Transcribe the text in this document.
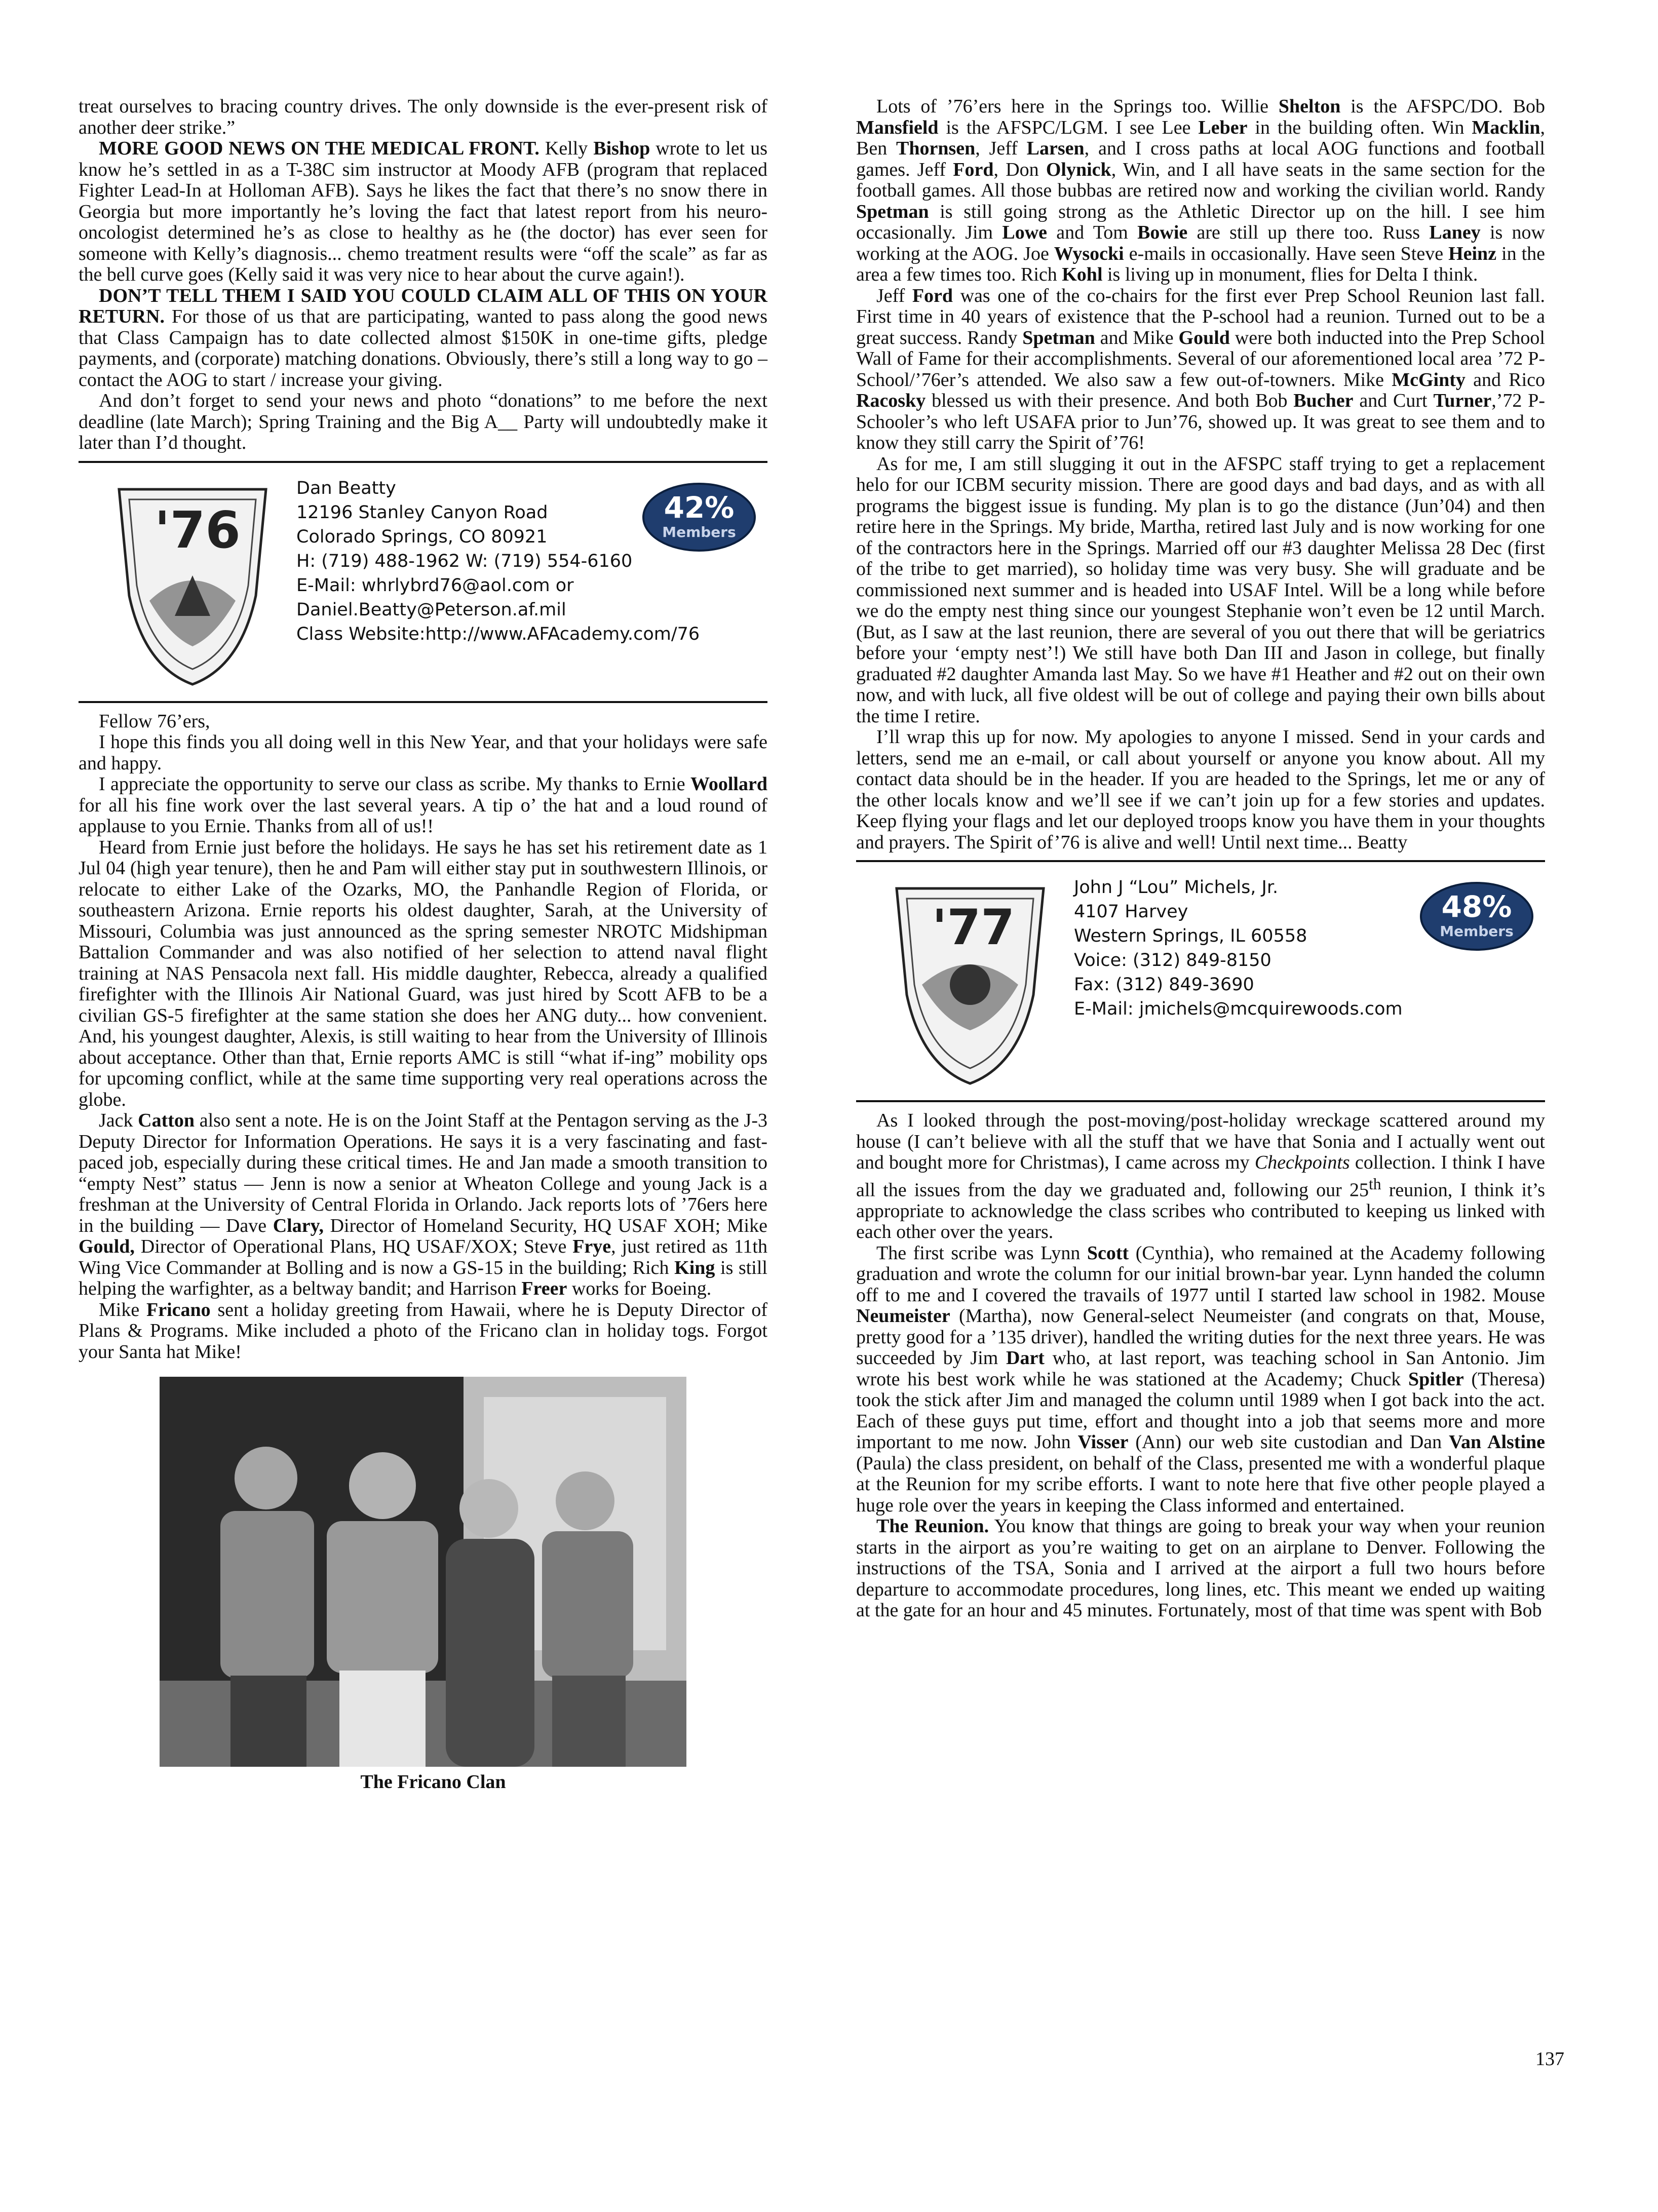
treat ourselves to bracing country drives. The only downside is the ever-present risk of another deer strike.”

MORE GOOD NEWS ON THE MEDICAL FRONT. Kelly Bishop wrote to let us know he’s settled in as a T-38C sim instructor at Moody AFB (program that replaced Fighter Lead-In at Holloman AFB). Says he likes the fact that there’s no snow there in Georgia but more importantly he’s loving the fact that latest report from his neuro-oncologist determined he’s as close to healthy as he (the doctor) has ever seen for someone with Kelly’s diagnosis... chemo treatment results were “off the scale” as far as the bell curve goes (Kelly said it was very nice to hear about the curve again!).

DON’T TELL THEM I SAID YOU COULD CLAIM ALL OF THIS ON YOUR RETURN. For those of us that are participating, wanted to pass along the good news that Class Campaign has to date collected almost $150K in one-time gifts, pledge payments, and (corporate) matching donations. Obviously, there’s still a long way to go – contact the AOG to start / increase your giving.

And don’t forget to send your news and photo “donations” to me before the next deadline (late March); Spring Training and the Big A__ Party will undoubtedly make it later than I’d thought.

'76
Dan Beatty
12196 Stanley Canyon Road
Colorado Springs, CO 80921
H: (719) 488-1962 W: (719) 554-6160
E-Mail: whrlybrd76@aol.com or
Daniel.Beatty@Peterson.af.mil
Class Website:http://www.AFAcademy.com/76
42%
Members

Fellow 76’ers,

I hope this finds you all doing well in this New Year, and that your holidays were safe and happy.

I appreciate the opportunity to serve our class as scribe. My thanks to Ernie Woollard for all his fine work over the last several years. A tip o’ the hat and a loud round of applause to you Ernie. Thanks from all of us!!

Heard from Ernie just before the holidays. He says he has set his retirement date as 1 Jul 04 (high year tenure), then he and Pam will either stay put in southwestern Illinois, or relocate to either Lake of the Ozarks, MO, the Panhandle Region of Florida, or southeastern Arizona. Ernie reports his oldest daughter, Sarah, at the University of Missouri, Columbia was just announced as the spring semester NROTC Midshipman Battalion Commander and was also notified of her selection to attend naval flight training at NAS Pensacola next fall. His middle daughter, Rebecca, already a qualified firefighter with the Illinois Air National Guard, was just hired by Scott AFB to be a civilian GS-5 firefighter at the same station she does her ANG duty... how convenient. And, his youngest daughter, Alexis, is still waiting to hear from the University of Illinois about acceptance. Other than that, Ernie reports AMC is still “what if-ing” mobility ops for upcoming conflict, while at the same time supporting very real operations across the globe.

Jack Catton also sent a note. He is on the Joint Staff at the Pentagon serving as the J-3 Deputy Director for Information Operations. He says it is a very fascinating and fast-paced job, especially during these critical times. He and Jan made a smooth transition to “empty Nest” status — Jenn is now a senior at Wheaton College and young Jack is a freshman at the University of Central Florida in Orlando. Jack reports lots of ’76ers here in the building — Dave Clary, Director of Homeland Security, HQ USAF XOH; Mike Gould, Director of Operational Plans, HQ USAF/XOX; Steve Frye, just retired as 11th Wing Vice Commander at Bolling and is now a GS-15 in the building; Rich King is still helping the warfighter, as a beltway bandit; and Harrison Freer works for Boeing.

Mike Fricano sent a holiday greeting from Hawaii, where he is Deputy Director of Plans & Programs. Mike included a photo of the Fricano clan in holiday togs. Forgot your Santa hat Mike!

The Fricano Clan

Lots of ’76’ers here in the Springs too. Willie Shelton is the AFSPC/DO. Bob Mansfield is the AFSPC/LGM. I see Lee Leber in the building often. Win Macklin, Ben Thornsen, Jeff Larsen, and I cross paths at local AOG functions and football games. Jeff Ford, Don Olynick, Win, and I all have seats in the same section for the football games. All those bubbas are retired now and working the civilian world. Randy Spetman is still going strong as the Athletic Director up on the hill. I see him occasionally. Jim Lowe and Tom Bowie are still up there too. Russ Laney is now working at the AOG. Joe Wysocki e-mails in occasionally. Have seen Steve Heinz in the area a few times too. Rich Kohl is living up in monument, flies for Delta I think.

Jeff Ford was one of the co-chairs for the first ever Prep School Reunion last fall. First time in 40 years of existence that the P-school had a reunion. Turned out to be a great success. Randy Spetman and Mike Gould were both inducted into the Prep School Wall of Fame for their accomplishments. Several of our aforementioned local area ’72 P-School/’76er’s attended. We also saw a few out-of-towners. Mike McGinty and Rico Racosky blessed us with their presence. And both Bob Bucher and Curt Turner,’72 P-Schooler’s who left USAFA prior to Jun’76, showed up. It was great to see them and to know they still carry the Spirit of’76!

As for me, I am still slugging it out in the AFSPC staff trying to get a replacement helo for our ICBM security mission. There are good days and bad days, and as with all programs the biggest issue is funding. My plan is to go the distance (Jun’04) and then retire here in the Springs. My bride, Martha, retired last July and is now working for one of the contractors here in the Springs. Married off our #3 daughter Melissa 28 Dec (first of the tribe to get married), so holiday time was very busy. She will graduate and be commissioned next summer and is headed into USAF Intel. Will be a long while before we do the empty nest thing since our youngest Stephanie won’t even be 12 until March. (But, as I saw at the last reunion, there are several of you out there that will be geriatrics before your ‘empty nest’!) We still have both Dan III and Jason in college, but finally graduated #2 daughter Amanda last May. So we have #1 Heather and #2 out on their own now, and with luck, all five oldest will be out of college and paying their own bills about the time I retire.

I’ll wrap this up for now. My apologies to anyone I missed. Send in your cards and letters, send me an e-mail, or call about yourself or anyone you know about. All my contact data should be in the header. If you are headed to the Springs, let me or any of the other locals know and we’ll see if we can’t join up for a few stories and updates. Keep flying your flags and let our deployed troops know you have them in your thoughts and prayers. The Spirit of’76 is alive and well! Until next time... Beatty

'77
John J “Lou” Michels, Jr.
4107 Harvey
Western Springs, IL 60558
Voice: (312) 849-8150
Fax: (312) 849-3690
E-Mail: jmichels@mcquirewoods.com
48%
Members

As I looked through the post-moving/post-holiday wreckage scattered around my house (I can’t believe with all the stuff that we have that Sonia and I actually went out and bought more for Christmas), I came across my Checkpoints collection. I think I have all the issues from the day we graduated and, following our 25th reunion, I think it’s appropriate to acknowledge the class scribes who contributed to keeping us linked with each other over the years.

The first scribe was Lynn Scott (Cynthia), who remained at the Academy following graduation and wrote the column for our initial brown-bar year. Lynn handed the column off to me and I covered the travails of 1977 until I started law school in 1982. Mouse Neumeister (Martha), now General-select Neumeister (and congrats on that, Mouse, pretty good for a ’135 driver), handled the writing duties for the next three years. He was succeeded by Jim Dart who, at last report, was teaching school in San Antonio. Jim wrote his best work while he was stationed at the Academy; Chuck Spitler (Theresa) took the stick after Jim and managed the column until 1989 when I got back into the act. Each of these guys put time, effort and thought into a job that seems more and more important to me now. John Visser (Ann) our web site custodian and Dan Van Alstine (Paula) the class president, on behalf of the Class, presented me with a wonderful plaque at the Reunion for my scribe efforts. I want to note here that five other people played a huge role over the years in keeping the Class informed and entertained.

The Reunion. You know that things are going to break your way when your reunion starts in the airport as you’re waiting to get on an airplane to Denver. Following the instructions of the TSA, Sonia and I arrived at the airport a full two hours before departure to accommodate procedures, long lines, etc. This meant we ended up waiting at the gate for an hour and 45 minutes. Fortunately, most of that time was spent with Bob

137
